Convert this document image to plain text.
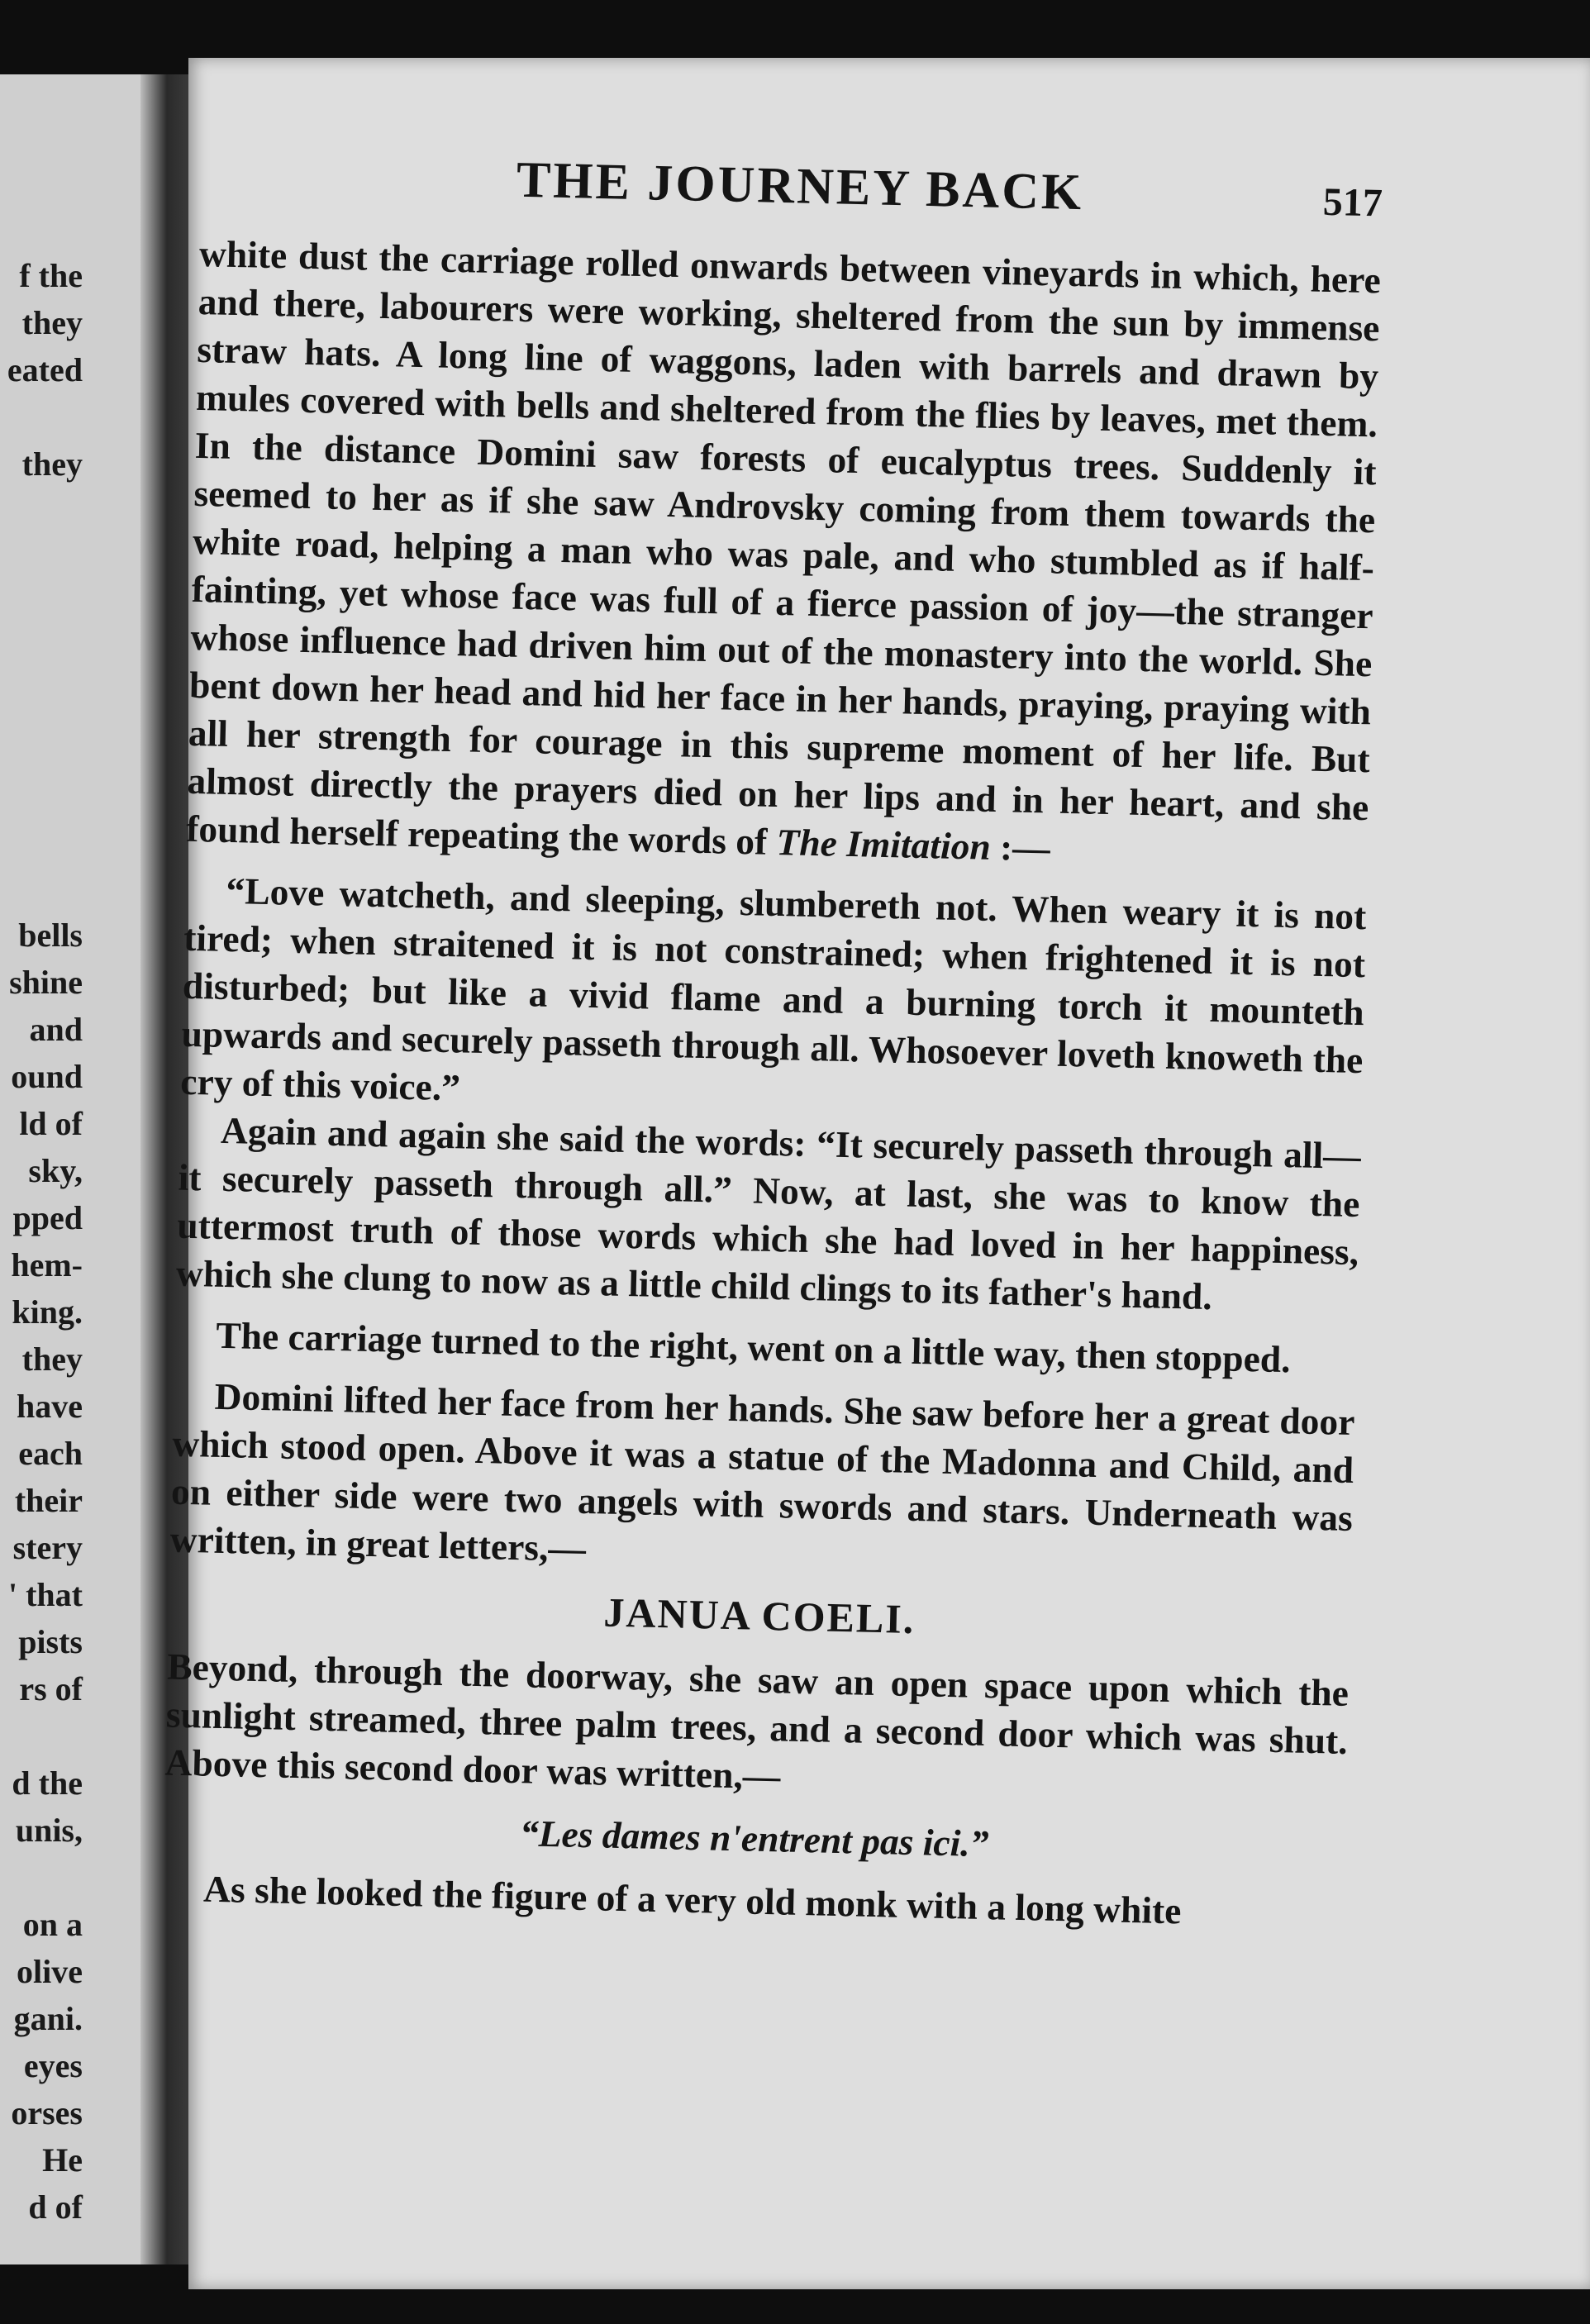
f the
they
eated

they

bells
shine
and
ound
ld of
sky,
pped
hem-
king.
they
have
each
their
stery
' that
pists
rs of

d the
unis,

on a
olive
gani.
eyes
orses
He
d of
THE JOURNEY BACK	517

white dust the carriage rolled onwards between vineyards in which, here and there, labourers were working, sheltered from the sun by immense straw hats. A long line of waggons, laden with barrels and drawn by mules covered with bells and sheltered from the flies by leaves, met them. In the distance Domini saw forests of eucalyptus trees. Suddenly it seemed to her as if she saw Androvsky coming from them towards the white road, helping a man who was pale, and who stumbled as if half-fainting, yet whose face was full of a fierce passion of joy—the stranger whose influence had driven him out of the monastery into the world. She bent down her head and hid her face in her hands, praying, praying with all her strength for courage in this supreme moment of her life. But almost directly the prayers died on her lips and in her heart, and she found herself repeating the words of The Imitation :—

“Love watcheth, and sleeping, slumbereth not. When weary it is not tired; when straitened it is not constrained; when frightened it is not disturbed; but like a vivid flame and a burning torch it mounteth upwards and securely passeth through all. Whosoever loveth knoweth the cry of this voice.”

Again and again she said the words: “It securely passeth through all—it securely passeth through all.” Now, at last, she was to know the uttermost truth of those words which she had loved in her happiness, which she clung to now as a little child clings to its father's hand.

The carriage turned to the right, went on a little way, then stopped.

Domini lifted her face from her hands. She saw before her a great door which stood open. Above it was a statue of the Madonna and Child, and on either side were two angels with swords and stars. Underneath was written, in great letters,—

JANUA COELI.

Beyond, through the doorway, she saw an open space upon which the sunlight streamed, three palm trees, and a second door which was shut. Above this second door was written,—

“Les dames n'entrent pas ici.”

As she looked the figure of a very old monk with a long white
